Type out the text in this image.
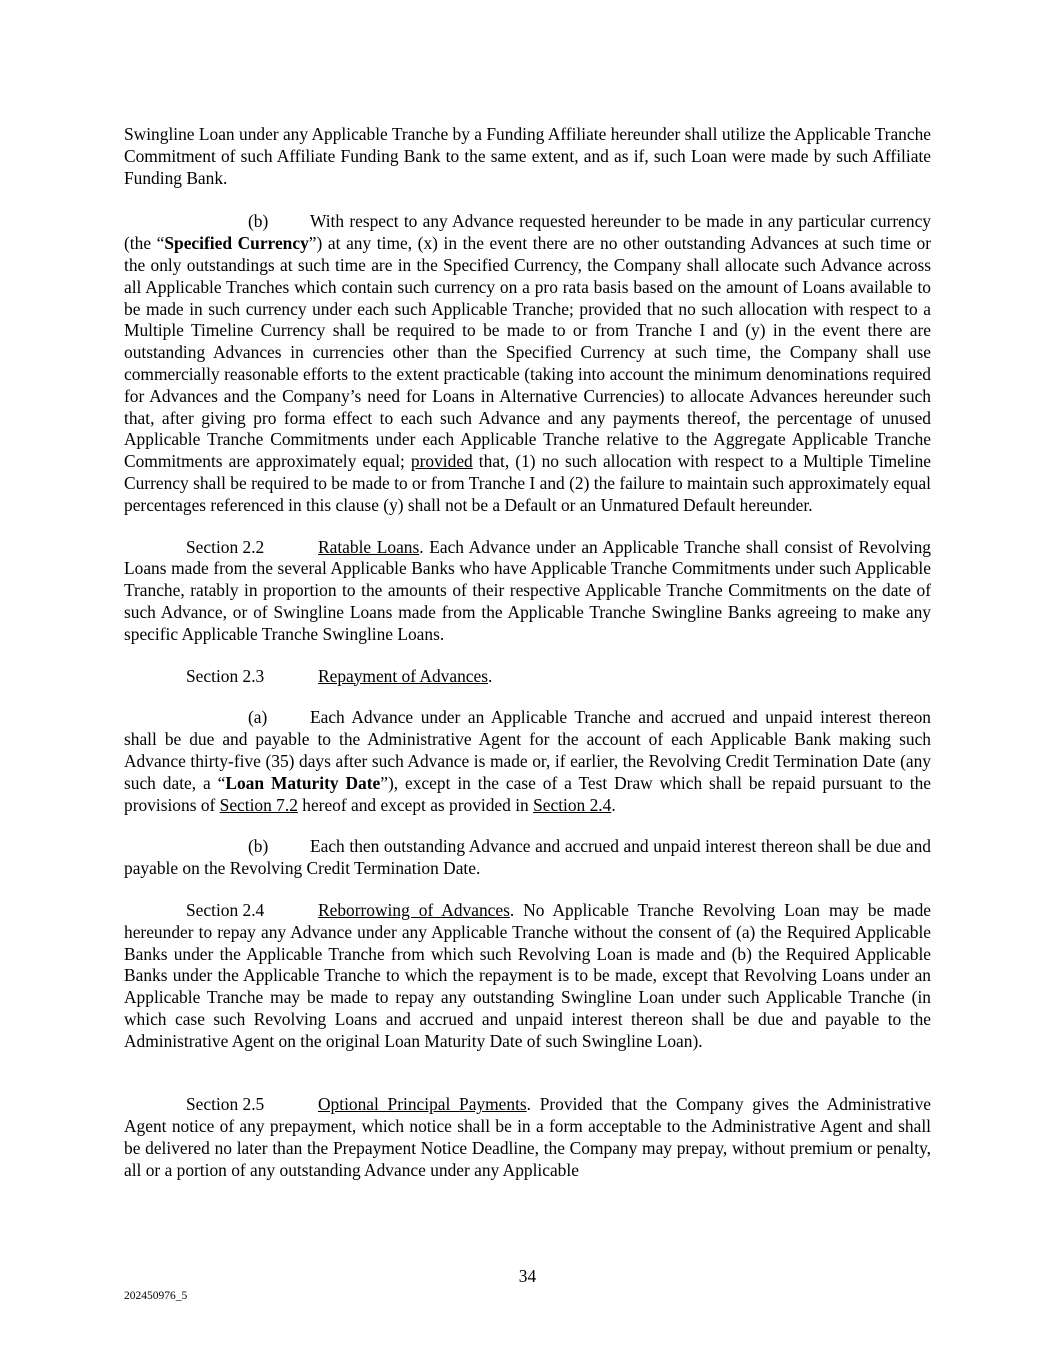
Swingline Loan under any Applicable Tranche by a Funding Affiliate hereunder shall utilize the Applicable Tranche Commitment of such Affiliate Funding Bank to the same extent, and as if, such Loan were made by such Affiliate Funding Bank.

(b) With respect to any Advance requested hereunder to be made in any particular currency (the “Specified Currency”) at any time, (x) in the event there are no other outstanding Advances at such time or the only outstandings at such time are in the Specified Currency, the Company shall allocate such Advance across all Applicable Tranches which contain such currency on a pro rata basis based on the amount of Loans available to be made in such currency under each such Applicable Tranche; provided that no such allocation with respect to a Multiple Timeline Currency shall be required to be made to or from Tranche I and (y) in the event there are outstanding Advances in currencies other than the Specified Currency at such time, the Company shall use commercially reasonable efforts to the extent practicable (taking into account the minimum denominations required for Advances and the Company’s need for Loans in Alternative Currencies) to allocate Advances hereunder such that, after giving pro forma effect to each such Advance and any payments thereof, the percentage of unused Applicable Tranche Commitments under each Applicable Tranche relative to the Aggregate Applicable Tranche Commitments are approximately equal; provided that, (1) no such allocation with respect to a Multiple Timeline Currency shall be required to be made to or from Tranche I and (2) the failure to maintain such approximately equal percentages referenced in this clause (y) shall not be a Default or an Unmatured Default hereunder.

Section 2.2	Ratable Loans. Each Advance under an Applicable Tranche shall consist of Revolving Loans made from the several Applicable Banks who have Applicable Tranche Commitments under such Applicable Tranche, ratably in proportion to the amounts of their respective Applicable Tranche Commitments on the date of such Advance, or of Swingline Loans made from the Applicable Tranche Swingline Banks agreeing to make any specific Applicable Tranche Swingline Loans.

Section 2.3	Repayment of Advances.

(a) Each Advance under an Applicable Tranche and accrued and unpaid interest thereon shall be due and payable to the Administrative Agent for the account of each Applicable Bank making such Advance thirty-five (35) days after such Advance is made or, if earlier, the Revolving Credit Termination Date (any such date, a “Loan Maturity Date”), except in the case of a Test Draw which shall be repaid pursuant to the provisions of Section 7.2 hereof and except as provided in Section 2.4.

(b) Each then outstanding Advance and accrued and unpaid interest thereon shall be due and payable on the Revolving Credit Termination Date.

Section 2.4	Reborrowing of Advances. No Applicable Tranche Revolving Loan may be made hereunder to repay any Advance under any Applicable Tranche without the consent of (a) the Required Applicable Banks under the Applicable Tranche from which such Revolving Loan is made and (b) the Required Applicable Banks under the Applicable Tranche to which the repayment is to be made, except that Revolving Loans under an Applicable Tranche may be made to repay any outstanding Swingline Loan under such Applicable Tranche (in which case such Revolving Loans and accrued and unpaid interest thereon shall be due and payable to the Administrative Agent on the original Loan Maturity Date of such Swingline Loan).

Section 2.5	Optional Principal Payments. Provided that the Company gives the Administrative Agent notice of any prepayment, which notice shall be in a form acceptable to the Administrative Agent and shall be delivered no later than the Prepayment Notice Deadline, the Company may prepay, without premium or penalty, all or a portion of any outstanding Advance under any Applicable

34
202450976_5
